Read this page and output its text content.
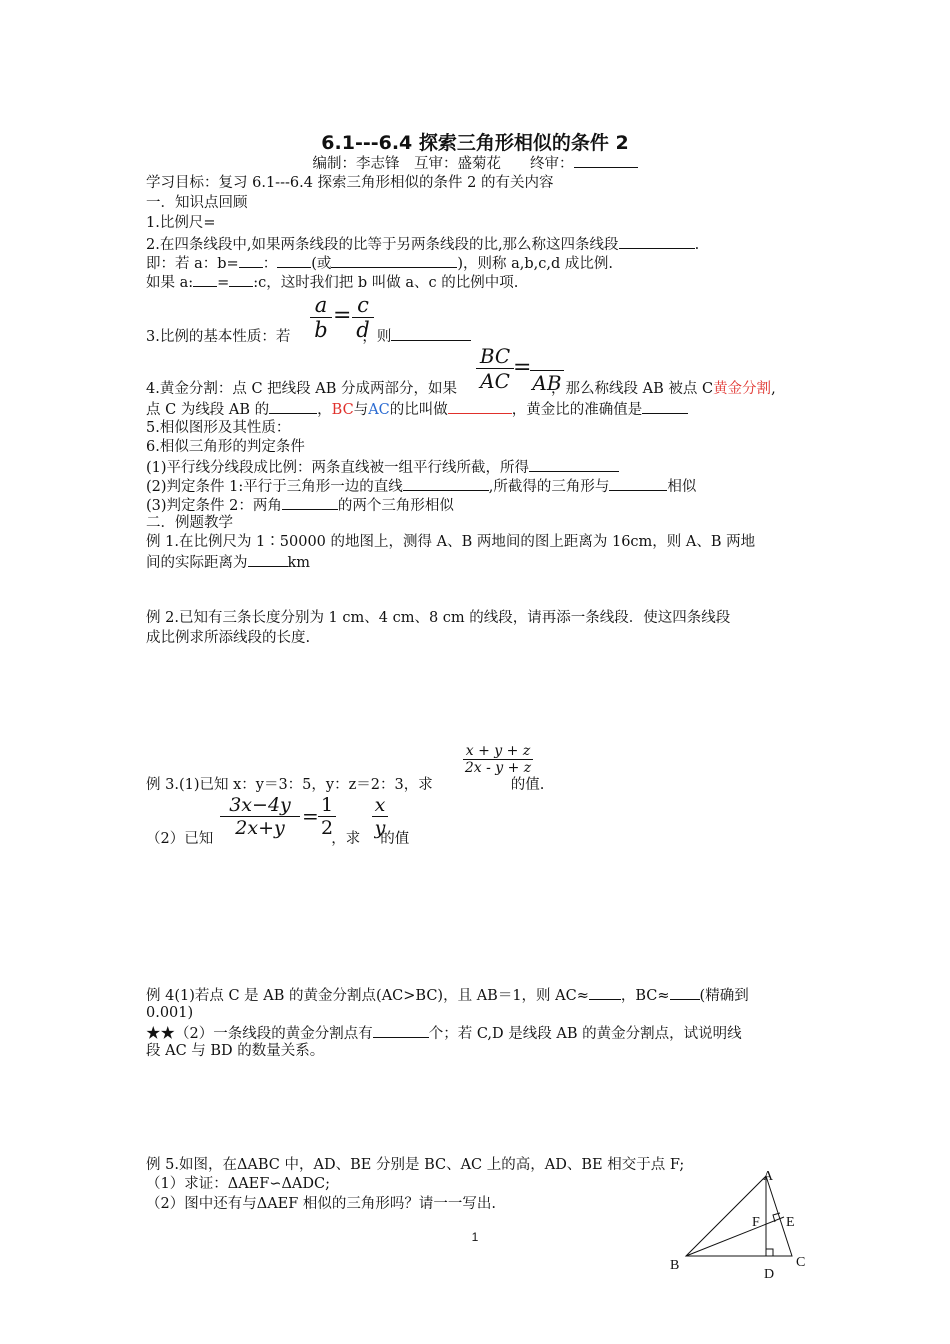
6.1---6.4 探索三角形相似的条件 2
编制：李志锋　互审：盛菊花　　终审：
学习目标：复习 6.1---6.4 探索三角形相似的条件 2 的有关内容
一．知识点回顾
1.比例尺=
2.在四条线段中,如果两条线段的比等于另两条线段的比,那么称这四条线段	.
即：若 a：b= ： (或	)，则称 a,b,c,d 成比例.
如果 a: = :c，这时我们把 b 叫做 a、c 的比例中项.
a
b
= c
d
3.比例的基本性质：若	，则
BC
AC
=
AB
4.黄金分割：点 C 把线段 AB 分成两部分，如果	，那么称线段 AB 被点 C黄金分割,
点 C 为线段 AB 的	，BC与AC的比叫做	，黄金比的准确值是
5.相似图形及其性质：
6.相似三角形的判定条件
(1)平行线分线段成比例：两条直线被一组平行线所截，所得
(2)判定条件 1:平行于三角形一边的直线	,所截得的三角形与	相似
(3)判定条件 2：两角	的两个三角形相似
二．例题教学
例 1.在比例尺为 1∶50000 的地图上，测得 A、B 两地间的图上距离为 16cm，则 A、B 两地
间的实际距离为	km
例 2.已知有三条长度分别为 1 cm、4 cm、8 cm 的线段，请再添一条线段．使这四条线段
成比例求所添线段的长度.
x + y + z
2x - y + z
例 3.(1)已知 x：y＝3：5，y：z＝2：3，求	的值.
3x−4y
2x+y = 1
2
x
y
（2）已知	，求 的值
例 4(1)若点 C 是 AB 的黄金分割点(AC>BC)，且 AB＝1，则 AC≈ ，BC≈ (精确到
0.001)
★★（2）一条线段的黄金分割点有	个；若 C,D 是线段 AB 的黄金分割点，试说明线
段 AC 与 BD 的数量关系。
例 5.如图，在ΔABC 中，AD、BE 分别是 BC、AC 上的高，AD、BE 相交于点 F;
（1）求证：ΔAEF∽ΔADC;
（2）图中还有与ΔAEF 相似的三角形吗？请一一写出.
1
A
B	C
D
E
F
